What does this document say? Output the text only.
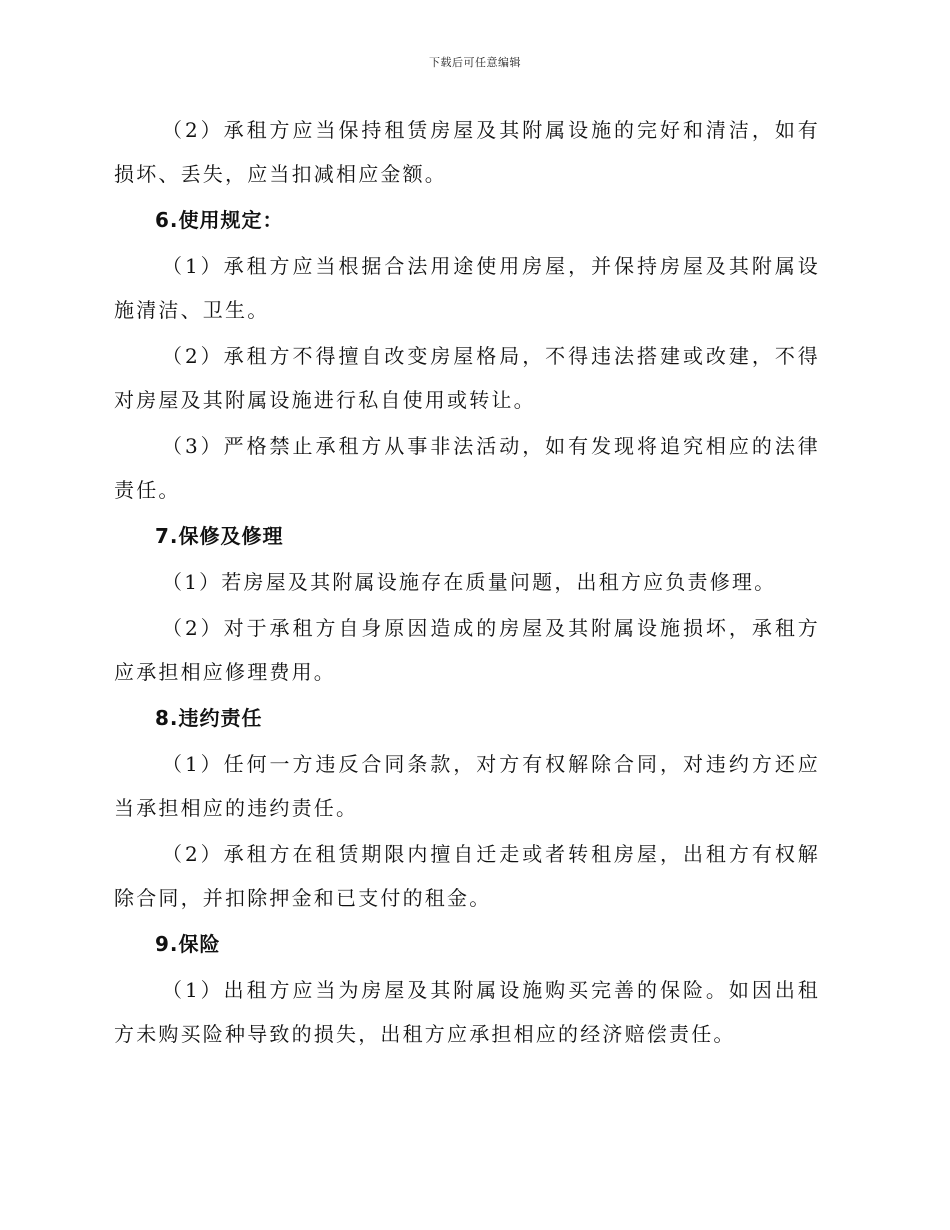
下载后可任意编辑

（2）承租方应当保持租赁房屋及其附属设施的完好和清洁，如有损坏、丢失，应当扣减相应金额。

6.使用规定：

（1）承租方应当根据合法用途使用房屋，并保持房屋及其附属设施清洁、卫生。

（2）承租方不得擅自改变房屋格局，不得违法搭建或改建，不得对房屋及其附属设施进行私自使用或转让。

（3）严格禁止承租方从事非法活动，如有发现将追究相应的法律责任。

7.保修及修理

（1）若房屋及其附属设施存在质量问题，出租方应负责修理。

（2）对于承租方自身原因造成的房屋及其附属设施损坏，承租方应承担相应修理费用。

8.违约责任

（1）任何一方违反合同条款，对方有权解除合同，对违约方还应当承担相应的违约责任。

（2）承租方在租赁期限内擅自迁走或者转租房屋，出租方有权解除合同，并扣除押金和已支付的租金。

9.保险

（1）出租方应当为房屋及其附属设施购买完善的保险。如因出租方未购买险种导致的损失，出租方应承担相应的经济赔偿责任。
